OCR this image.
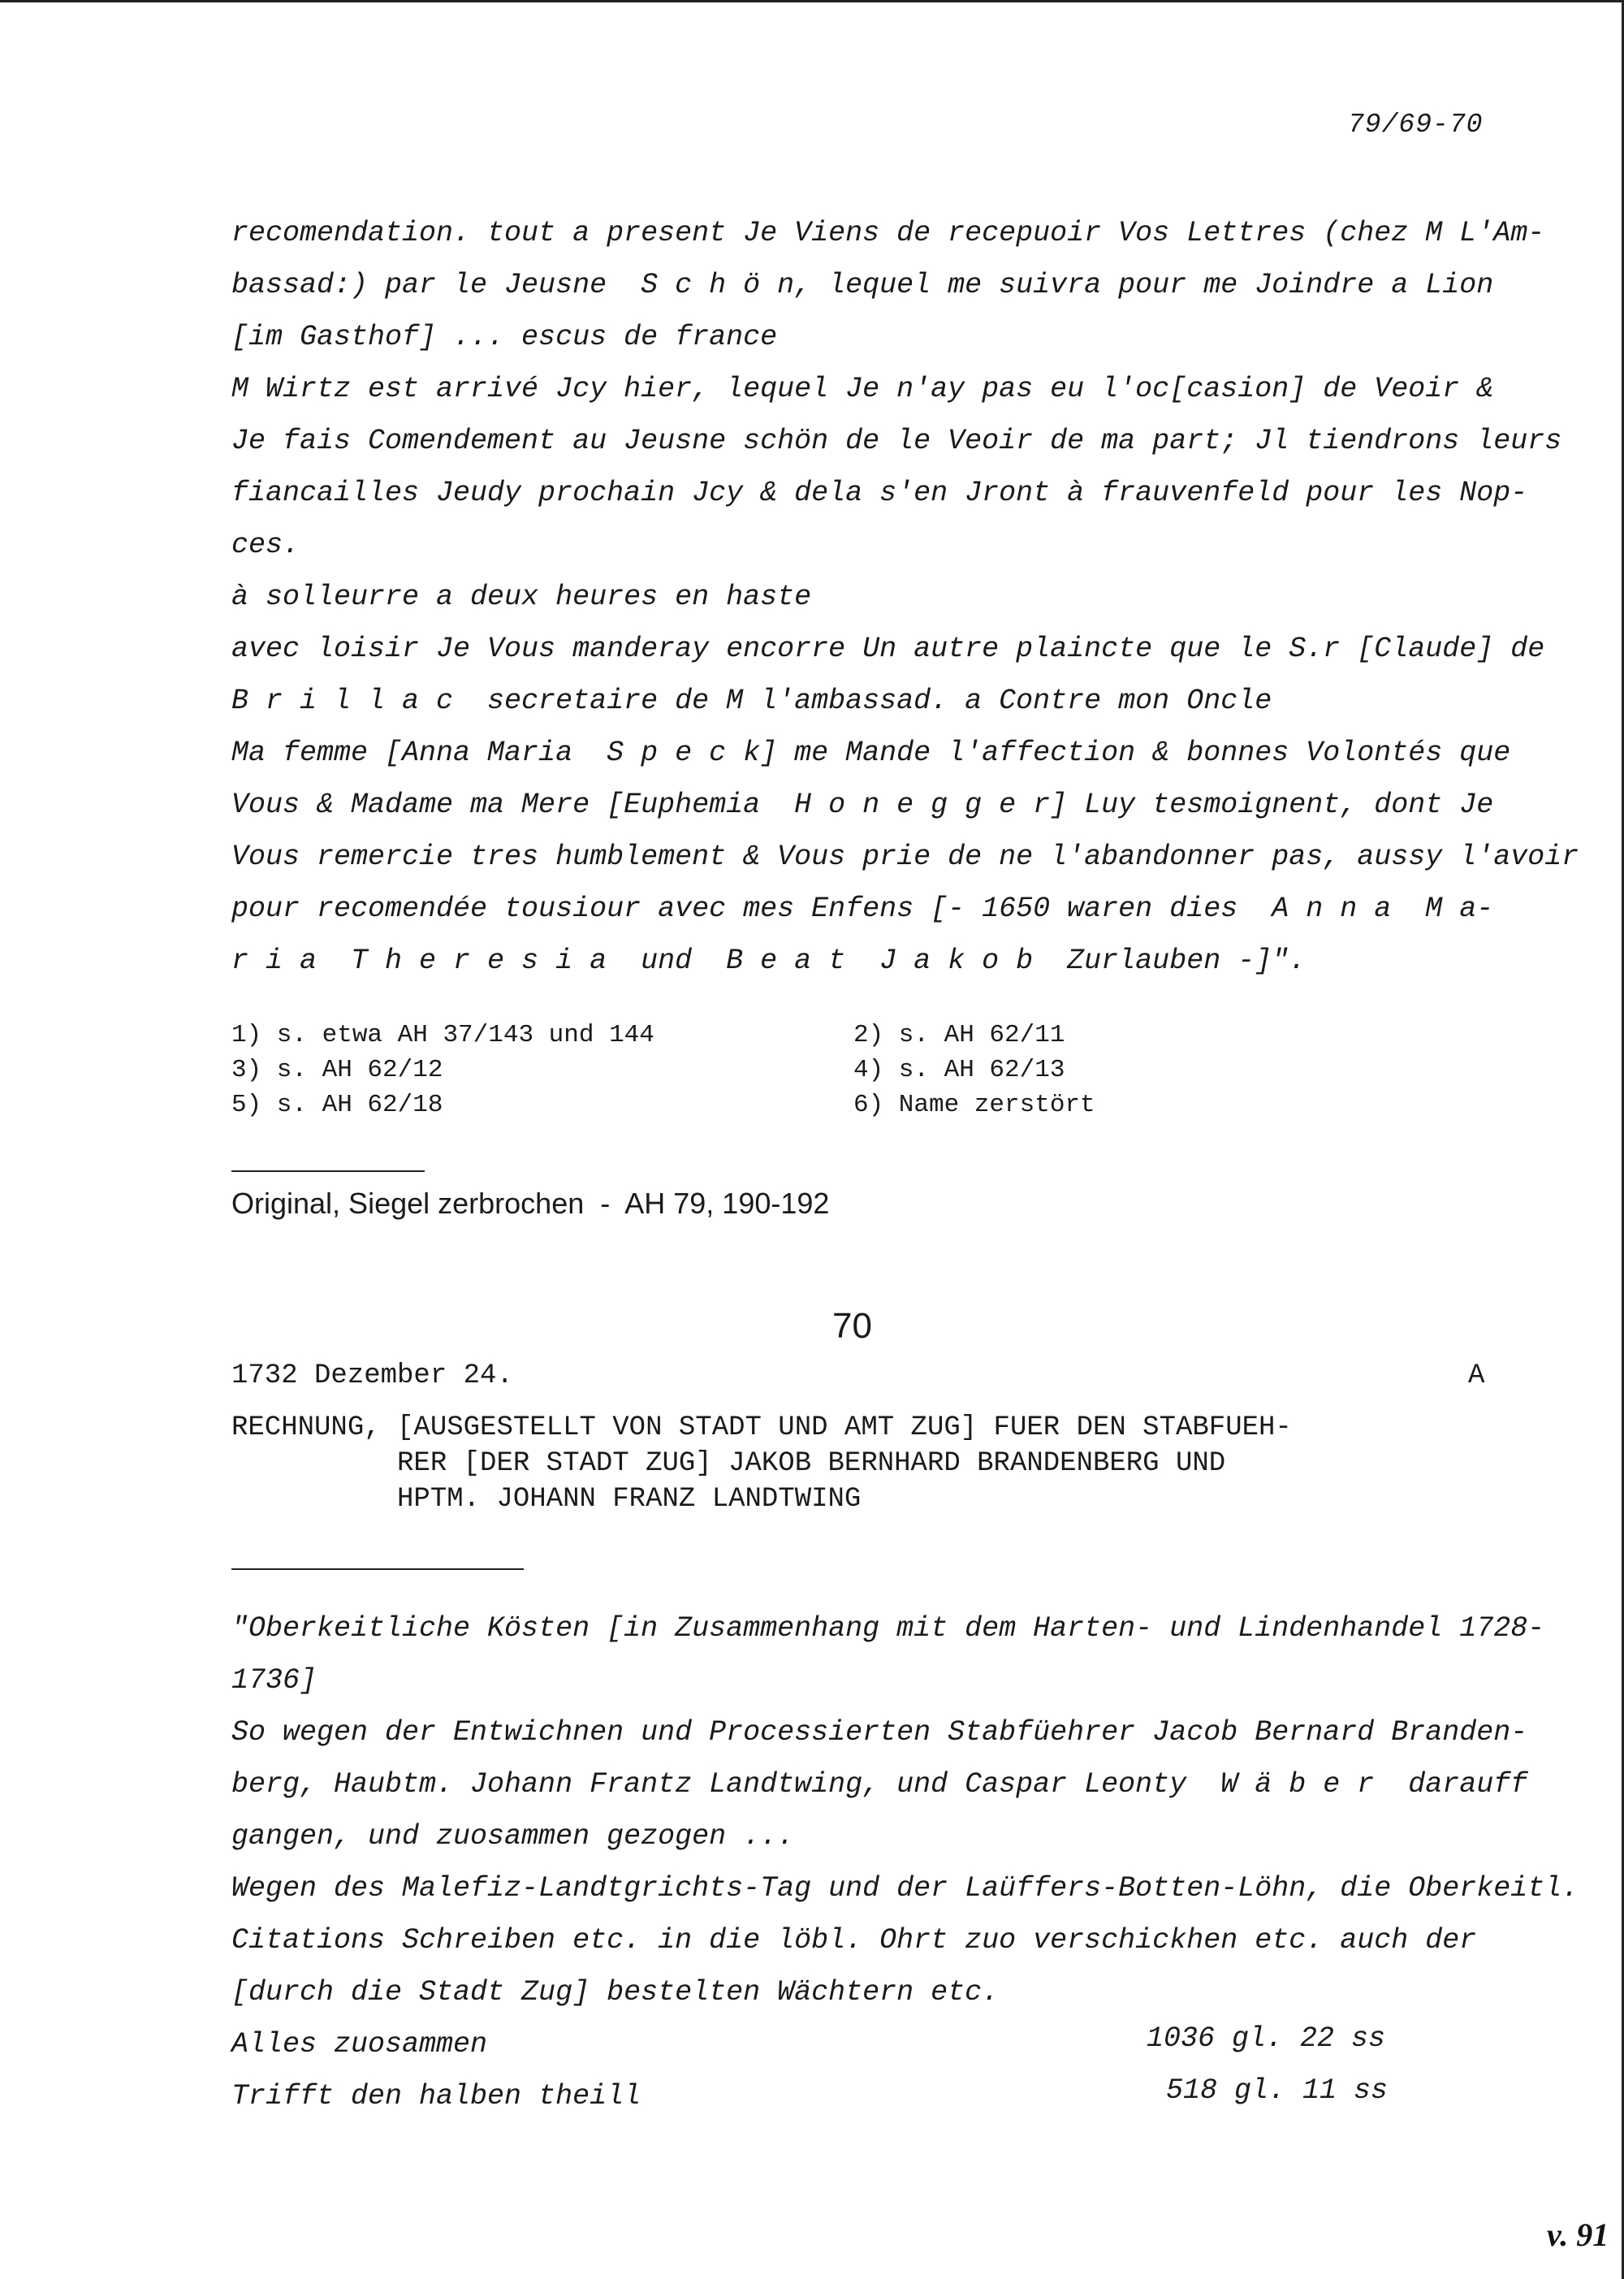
79/69-70
recomendation. tout a present Je Viens de recepuoir Vos Lettres (chez M L'Am-
bassad:) par le Jeusne  S c h ö n, lequel me suivra pour me Joindre a Lion
[im Gasthof] ... escus de france
M Wirtz est arrivé Jcy hier, lequel Je n'ay pas eu l'oc[casion] de Veoir &
Je fais Comendement au Jeusne schön de le Veoir de ma part; Jl tiendrons leurs
fiancailles Jeudy prochain Jcy & dela s'en Jront à frauvenfeld pour les Nop-
ces.
à solleurre a deux heures en haste
avec loisir Je Vous manderay encorre Un autre plaincte que le S.r [Claude] de
B r i l l a c  secretaire de M l'ambassad. a Contre mon Oncle
Ma femme [Anna Maria  S p e c k] me Mande l'affection & bonnes Volontés que
Vous & Madame ma Mere [Euphemia  H o n e g g e r] Luy tesmoignent, dont Je
Vous remercie tres humblement & Vous prie de ne l'abandonner pas, aussy l'avoir
pour recomendée tousiour avec mes Enfens [- 1650 waren dies  A n n a  M a-
r i a  T h e r e s i a  und  B e a t  J a k o b  Zurlauben -]".

1) s. etwa AH 37/143 und 144
3) s. AH 62/12
5) s. AH 62/18

2) s. AH 62/11
4) s. AH 62/13
6) Name zerstört

Original, Siegel zerbrochen  -  AH 79, 190-192
70
1732 Dezember 24.	A
RECHNUNG, [AUSGESTELLT VON STADT UND AMT ZUG] FUER DEN STABFUEH-
RER [DER STADT ZUG] JAKOB BERNHARD BRANDENBERG UND
HPTM. JOHANN FRANZ LANDTWING
"Oberkeitliche Kösten [in Zusammenhang mit dem Harten- und Lindenhandel 1728-
1736]
So wegen der Entwichnen und Processierten Stabfüehrer Jacob Bernard Branden-
berg, Haubtm. Johann Frantz Landtwing, und Caspar Leonty  W ä b e r  darauff
gangen, und zuosammen gezogen ...
Wegen des Malefiz-Landtgrichts-Tag und der Laüffers-Botten-Löhn, die Oberkeitl.
Citations Schreiben etc. in die löbl. Ohrt zuo verschickhen etc. auch der
[durch die Stadt Zug] bestelten Wächtern etc.
Alles zuosammen
Trifft den halben theill
1036 gl. 22 ss
518 gl. 11 ss
v. 91
